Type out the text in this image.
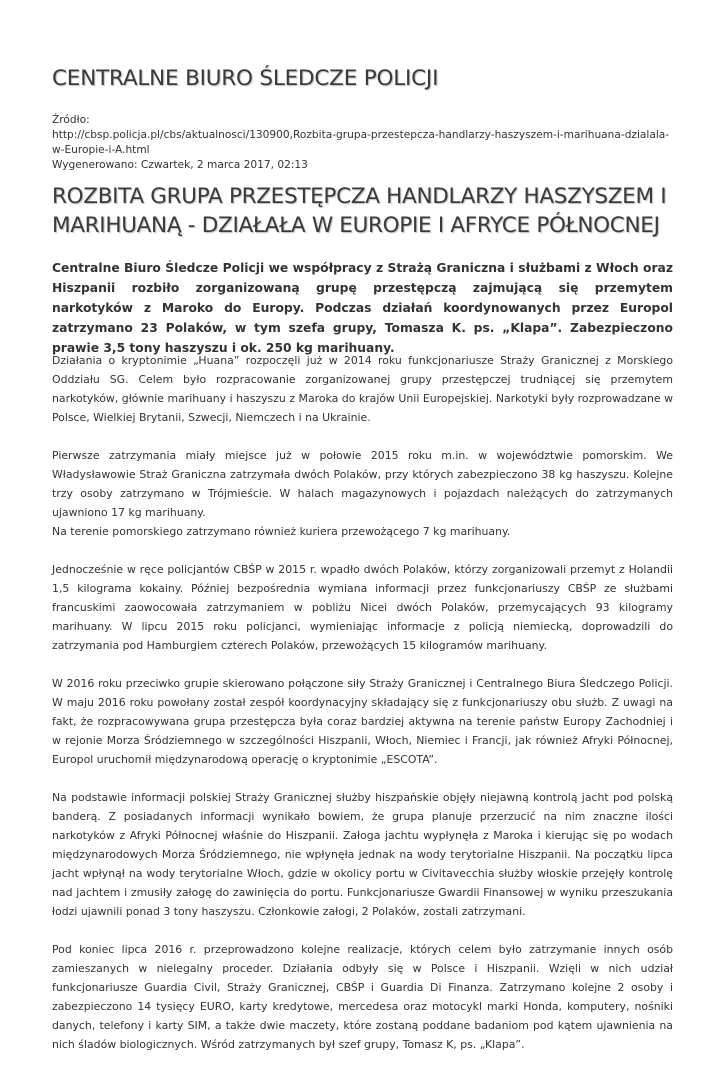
CENTRALNE BIURO ŚLEDCZE POLICJI
Źródło:
http://cbsp.policja.pl/cbs/aktualnosci/130900,Rozbita-grupa-przestepcza-handlarzy-haszyszem-i-marihuana-dzialala-w-Europie-i-A.html
Wygenerowano: Czwartek, 2 marca 2017, 02:13
ROZBITA GRUPA PRZESTĘPCZA HANDLARZY HASZYSZEM I MARIHUANĄ - DZIAŁAŁA W EUROPIE I AFRYCE PÓŁNOCNEJ

Centralne Biuro Śledcze Policji we współpracy z Strażą Graniczna i służbami z Włoch oraz Hiszpanii rozbiło zorganizowaną grupę przestępczą zajmującą się przemytem narkotyków z Maroko do Europy. Podczas działań koordynowanych przez Europol zatrzymano 23 Polaków, w tym szefa grupy, Tomasza K. ps. „Klapa”. Zabezpieczono prawie 3,5 tony haszyszu i ok. 250 kg marihuany.

Działania o kryptonimie „Huana” rozpoczęli już w 2014 roku funkcjonariusze Straży Granicznej z Morskiego Oddziału SG. Celem było rozpracowanie zorganizowanej grupy przestępczej trudniącej się przemytem narkotyków, głównie marihuany i haszyszu z Maroka do krajów Unii Europejskiej. Narkotyki były rozprowadzane w Polsce, Wielkiej Brytanii, Szwecji, Niemczech i na Ukrainie.

Pierwsze zatrzymania miały miejsce już w połowie 2015 roku m.in. w województwie pomorskim. We Władysławowie Straż Graniczna zatrzymała dwóch Polaków, przy których zabezpieczono 38 kg haszyszu. Kolejne trzy osoby zatrzymano w Trójmieście. W halach magazynowych i pojazdach należących do zatrzymanych ujawniono 17 kg marihuany.
Na terenie pomorskiego zatrzymano również kuriera przewożącego 7 kg marihuany.

Jednocześnie w ręce policjantów CBŚP w 2015 r. wpadło dwóch Polaków, którzy zorganizowali przemyt z Holandii 1,5 kilograma kokainy. Później bezpośrednia wymiana informacji przez funkcjonariuszy CBŚP ze służbami francuskimi zaowocowała zatrzymaniem w pobliżu Nicei dwóch Polaków, przemycających 93 kilogramy marihuany. W lipcu 2015 roku policjanci, wymieniając informacje z policją niemiecką, doprowadzili do zatrzymania pod Hamburgiem czterech Polaków, przewożących 15 kilogramów marihuany.

W 2016 roku przeciwko grupie skierowano połączone siły Straży Granicznej i Centralnego Biura Śledczego Policji. W maju 2016 roku powołany został zespół koordynacyjny składający się z funkcjonariuszy obu służb. Z uwagi na fakt, że rozpracowywana grupa przestępcza była coraz bardziej aktywna na terenie państw Europy Zachodniej i w rejonie Morza Śródziemnego w szczególności Hiszpanii, Włoch, Niemiec i Francji, jak również Afryki Północnej, Europol uruchomił międzynarodową operację o kryptonimie „ESCOTA”.

Na podstawie informacji polskiej Straży Granicznej służby hiszpańskie objęły niejawną kontrolą jacht pod polską banderą. Z posiadanych informacji wynikało bowiem, że grupa planuje przerzucić na nim znaczne ilości narkotyków z Afryki Północnej właśnie do Hiszpanii. Załoga jachtu wypłynęła z Maroka i kierując się po wodach międzynarodowych Morza Śródziemnego, nie wpłynęła jednak na wody terytorialne Hiszpanii. Na początku lipca jacht wpłynął na wody terytorialne Włoch, gdzie w okolicy portu w Civitavecchia służby włoskie przejęły kontrolę nad jachtem i zmusiły załogę do zawinięcia do portu. Funkcjonariusze Gwardii Finansowej w wyniku przeszukania łodzi ujawnili ponad 3 tony haszyszu. Członkowie załogi, 2 Polaków, zostali zatrzymani.

Pod koniec lipca 2016 r. przeprowadzono kolejne realizacje, których celem było zatrzymanie innych osób zamieszanych w nielegalny proceder. Działania odbyły się w Polsce i Hiszpanii. Wzięli w nich udział funkcjonariusze Guardia Civil, Straży Granicznej, CBŚP i Guardia Di Finanza. Zatrzymano kolejne 2 osoby i zabezpieczono 14 tysięcy EURO, karty kredytowe, mercedesa oraz motocykl marki Honda, komputery, nośniki danych, telefony i karty SIM, a także dwie maczety, które zostaną poddane badaniom pod kątem ujawnienia na nich śladów biologicznych. Wśród zatrzymanych był szef grupy, Tomasz K, ps. „Klapa”.
